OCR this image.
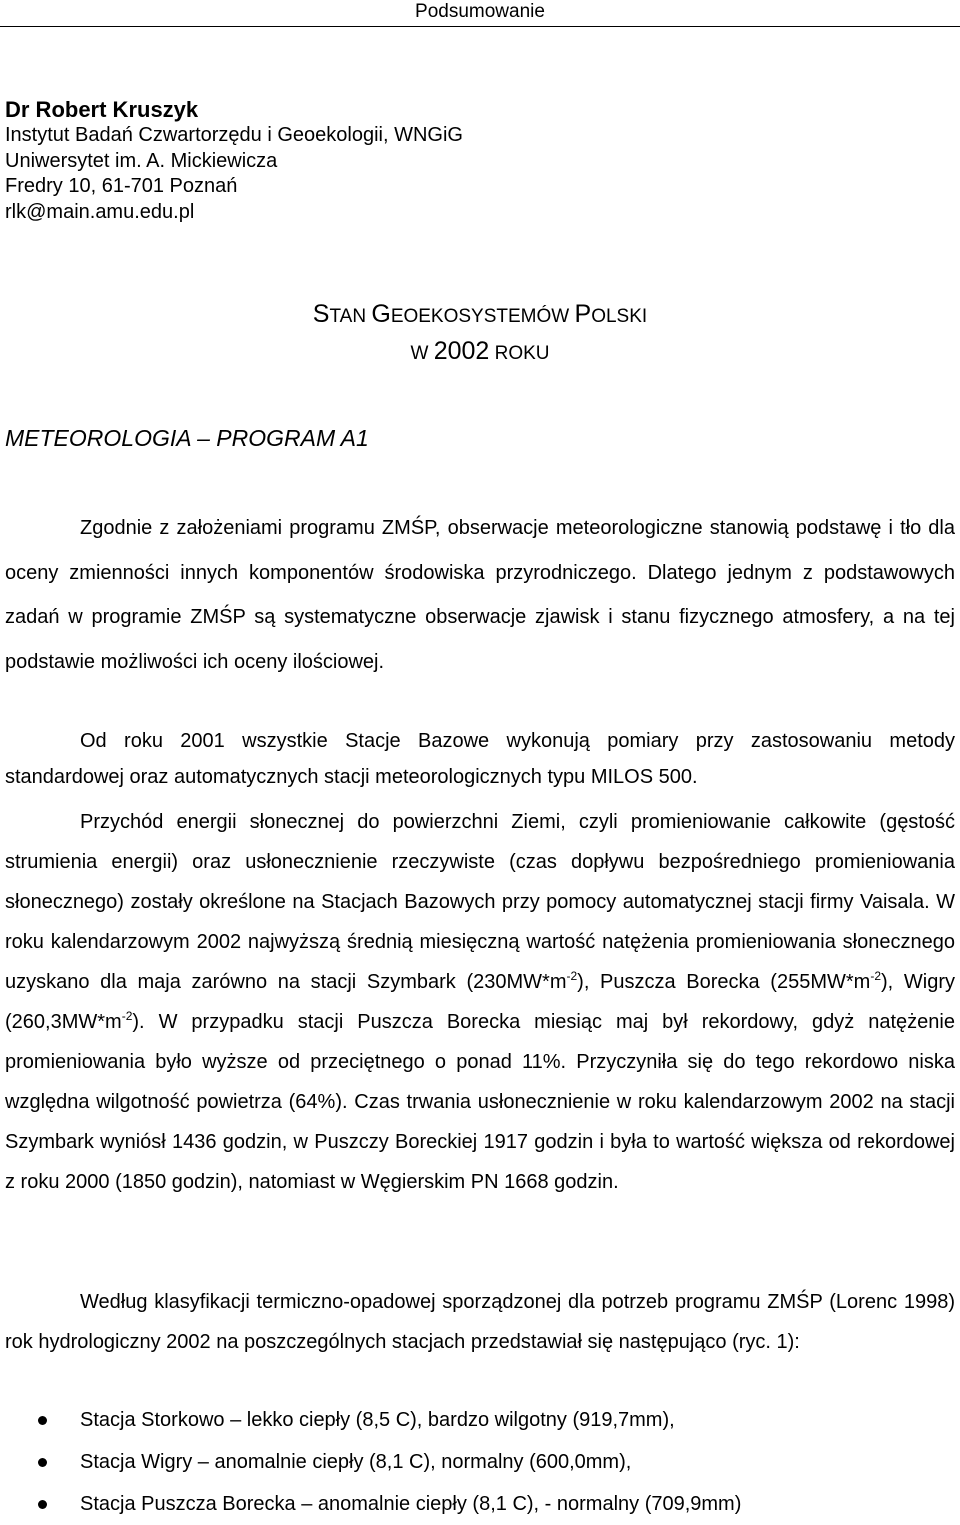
Podsumowanie
Dr Robert Kruszyk
Instytut Badań Czwartorzędu i Geoekologii, WNGiG
Uniwersytet im. A. Mickiewicza
Fredry 10, 61-701 Poznań
rlk@main.amu.edu.pl
STAN GEOEKOSYSTEMÓW POLSKI
W 2002 ROKU
METEOROLOGIA – PROGRAM A1
Zgodnie z założeniami programu ZMŚP, obserwacje meteorologiczne stanowią podstawę i tło dla oceny zmienności innych komponentów środowiska przyrodniczego. Dlatego jednym z podstawowych zadań w programie ZMŚP są systematyczne obserwacje zjawisk i stanu fizycznego atmosfery, a na tej podstawie możliwości ich oceny ilościowej.
Od roku 2001 wszystkie Stacje Bazowe wykonują pomiary przy zastosowaniu metody standardowej oraz automatycznych stacji meteorologicznych typu MILOS 500.
Przychód energii słonecznej do powierzchni Ziemi, czyli promieniowanie całkowite (gęstość strumienia energii) oraz usłonecznienie rzeczywiste (czas dopływu bezpośredniego promieniowania słonecznego) zostały określone na Stacjach Bazowych przy pomocy automatycznej stacji firmy Vaisala. W roku kalendarzowym 2002 najwyższą średnią miesięczną wartość natężenia promieniowania słonecznego uzyskano dla maja zarówno na stacji Szymbark $(230MW*m^{-2})$, Puszcza Borecka $(255MW*m^{-2})$, Wigry $(260,3MW*m^{-2})$. W przypadku stacji Puszcza Borecka miesiąc maj był rekordowy, gdyż natężenie promieniowania było wyższe od przeciętnego o ponad 11%. Przyczyniła się do tego rekordowo niska względna wilgotność powietrza (64%). Czas trwania usłonecznienie w roku kalendarzowym 2002 na stacji Szymbark wyniósł 1436 godzin, w Puszczy Boreckiej 1917 godzin i była to wartość większa od rekordowej z roku 2000 (1850 godzin), natomiast w Węgierskim PN 1668 godzin.
Według klasyfikacji termiczno-opadowej sporządzonej dla potrzeb programu ZMŚP (Lorenc 1998) rok hydrologiczny 2002 na poszczególnych stacjach przedstawiał się następująco (ryc. 1):
Stacja Storkowo – lekko ciepły (8,5 C), bardzo wilgotny (919,7mm),
Stacja Wigry – anomalnie ciepły (8,1 C), normalny (600,0mm),
Stacja Puszcza Borecka – anomalnie ciepły (8,1 C), - normalny (709,9mm)
